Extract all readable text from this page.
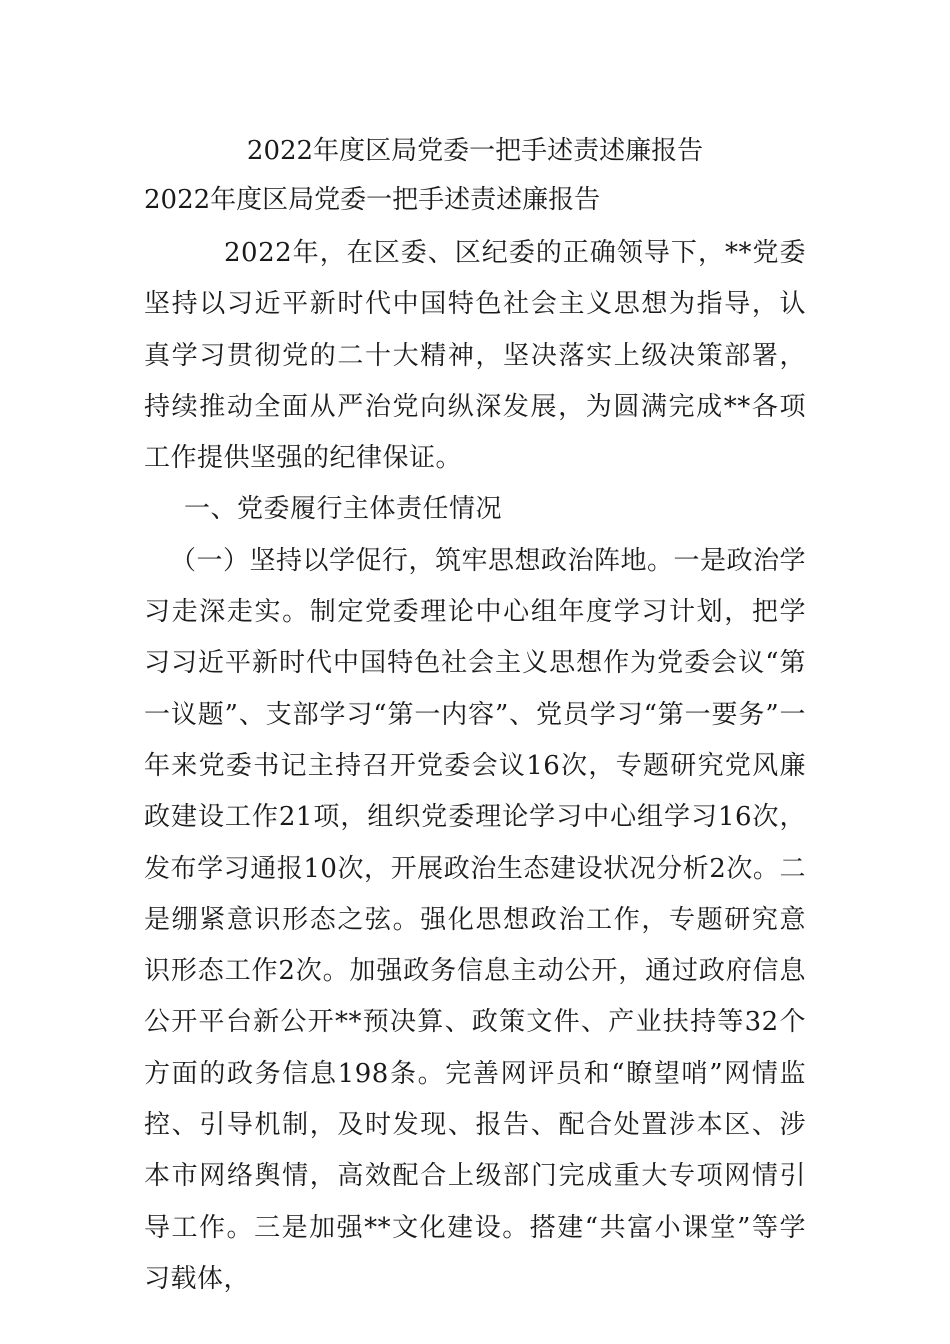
2022年度区局党委一把手述责述廉报告
2022年度区局党委一把手述责述廉报告

2022年，在区委、区纪委的正确领导下，**党委坚持以习近平新时代中国特色社会主义思想为指导，认真学习贯彻党的二十大精神，坚决落实上级决策部署，持续推动全面从严治党向纵深发展，为圆满完成**各项工作提供坚强的纪律保证。

一、党委履行主体责任情况

（一）坚持以学促行，筑牢思想政治阵地。一是政治学习走深走实。制定党委理论中心组年度学习计划，把学习习近平新时代中国特色社会主义思想作为党委会议“第一议题”、支部学习“第一内容”、党员学习“第一要务”一年来党委书记主持召开党委会议16次，专题研究党风廉政建设工作21项，组织党委理论学习中心组学习16次，发布学习通报10次，开展政治生态建设状况分析2次。二是绷紧意识形态之弦。强化思想政治工作，专题研究意识形态工作2次。加强政务信息主动公开，通过政府信息公开平台新公开**预决算、政策文件、产业扶持等32个方面的政务信息198条。完善网评员和“瞭望哨”网情监控、引导机制，及时发现、报告、配合处置涉本区、涉本市网络舆情，高效配合上级部门完成重大专项网情引导工作。三是加强**文化建设。搭建“共富小课堂”等学习载体，
